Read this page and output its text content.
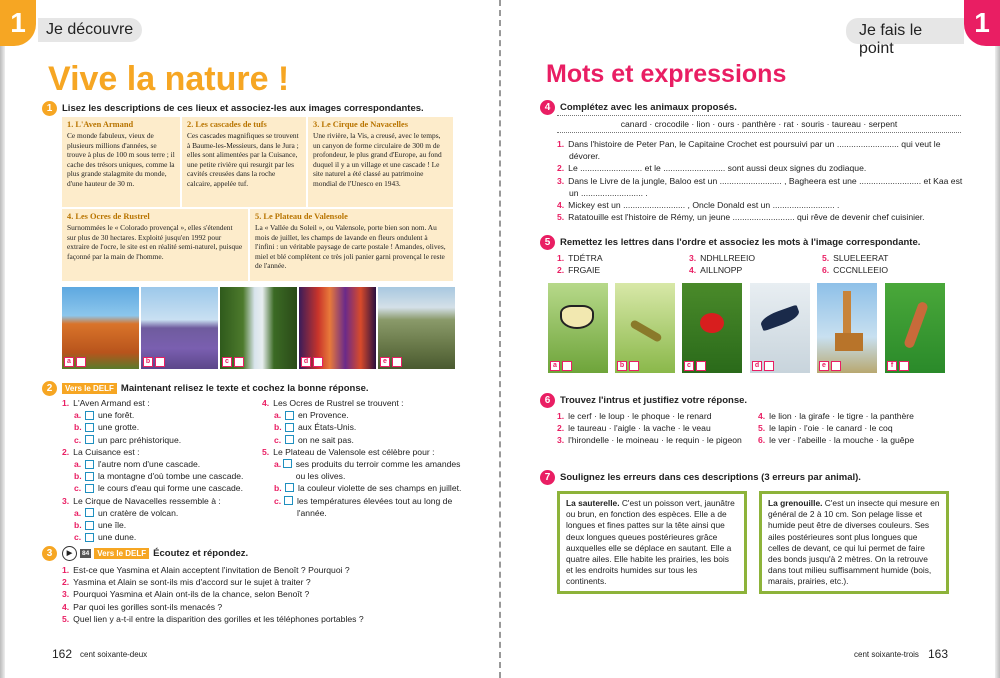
1	Je découvre
Vive la nature !
1 Lisez les descriptions de ces lieux et associez-les aux images correspondantes.
1. L'Aven Armand
Ce monde fabuleux, vieux de plusieurs millions d'années, se trouve à plus de 100 m sous terre ; il cache des trésors uniques, comme la plus grande stalagmite du monde, d'une hauteur de 30 m.
2. Les cascades de tufs
Ces cascades magnifiques se trouvent à Baume-les-Messieurs, dans le Jura ; elles sont alimentées par la Cuisance, une petite rivière qui resurgit par les cavités creusées dans la roche calcaire, appelée tuf.
3. Le Cirque de Navacelles
Une rivière, la Vis, a creusé, avec le temps, un canyon de forme circulaire de 300 m de profondeur, le plus grand d'Europe, au fond duquel il y a un village et une cascade ! Le site naturel a été classé au patrimoine mondial de l'Unesco en 1943.
4. Les Ocres de Rustrel
Surnommées le « Colorado provençal », elles s'étendent sur plus de 30 hectares. Exploité jusqu'en 1992 pour extraire de l'ocre, le site est en réalité semi-naturel, puisque façonné par la main de l'homme.
5. Le Plateau de Valensole
La « Vallée du Soleil », ou Valensole, porte bien son nom. Au mois de juillet, les champs de lavande en fleurs ondulent à l'infini : un véritable paysage de carte postale ! Amandes, olives, miel et blé complètent ce très joli panier garni provençal le reste de l'année.
a	b	c	d	e
2 Vers le DELF Maintenant relisez le texte et cochez la bonne réponse.
1. L'Aven Armand est :
a.	une forêt.
b.	une grotte.
c.	un parc préhistorique.
2. La Cuisance est :
a.	l'autre nom d'une cascade.
b.	la montagne d'où tombe une cascade.
c.	le cours d'eau qui forme une cascade.
3. Le Cirque de Navacelles ressemble à :
a.	un cratère de volcan.
b.	une île.
c.	une dune.
4. Les Ocres de Rustrel se trouvent :
a.	en Provence.
b.	aux États-Unis.
c.	on ne sait pas.
5. Le Plateau de Valensole est célèbre pour :
a. ses produits du terroir comme les amandes ou les olives.
b.	la couleur violette de ses champs en juillet.
c.	les températures élevées tout au long de l'année.
3 ▶ 84 Vers le DELF Écoutez et répondez.
1. Est-ce que Yasmina et Alain acceptent l'invitation de Benoît ? Pourquoi ?
2. Yasmina et Alain se sont-ils mis d'accord sur le sujet à traiter ?
3. Pourquoi Yasmina et Alain ont-ils de la chance, selon Benoît ?
4. Par quoi les gorilles sont-ils menacés ?
5. Quel lien y a-t-il entre la disparition des gorilles et les téléphones portables ?
162 cent soixante-deux
1
Je fais le point
Mots et expressions
4 Complétez avec les animaux proposés.
canard · crocodile · lion · ours · panthère · rat · souris · taureau · serpent
1. Dans l'histoire de Peter Pan, le Capitaine Crochet est poursuivi par un .......................... qui veut le dévorer.
2. Le .......................... et le .......................... sont aussi deux signes du zodiaque.
3. Dans le Livre de la jungle, Baloo est un .......................... , Bagheera est une .......................... et Kaa est un .......................... .
4. Mickey est un .......................... , Oncle Donald est un .......................... .
5. Ratatouille est l'histoire de Rémy, un jeune .......................... qui rêve de devenir chef cuisinier.
5 Remettez les lettres dans l'ordre et associez les mots à l'image correspondante.
1. TDÉTRA	3. NDHLLREEIO	5. SLUELEERAT
2. FRGAIE	4. AILLNOPP	6. CCCNLLEEIO
a	b	c	d	e	f
6 Trouvez l'intrus et justifiez votre réponse.
1. le cerf · le loup · le phoque · le renard
2. le taureau · l'aigle · la vache · le veau
3. l'hirondelle · le moineau · le requin · le pigeon
4. le lion · la girafe · le tigre · la panthère
5. le lapin · l'oie · le canard · le coq
6. le ver · l'abeille · la mouche · la guêpe
7 Soulignez les erreurs dans ces descriptions (3 erreurs par animal).
La sauterelle. C'est un poisson vert, jaunâtre ou brun, en fonction des espèces. Elle a de longues et fines pattes sur la tête ainsi que deux longues queues postérieures grâce auxquelles elle se déplace en sautant. Elle a quatre ailes. Elle habite les prairies, les bois et les endroits humides sur tous les continents.
La grenouille. C'est un insecte qui mesure en général de 2 à 10 cm. Son pelage lisse et humide peut être de diverses couleurs. Ses ailes postérieures sont plus longues que celles de devant, ce qui lui permet de faire des bonds jusqu'à 2 mètres. On la retrouve dans tout milieu suffisamment humide (bois, marais, prairies, etc.).
cent soixante-trois 163
